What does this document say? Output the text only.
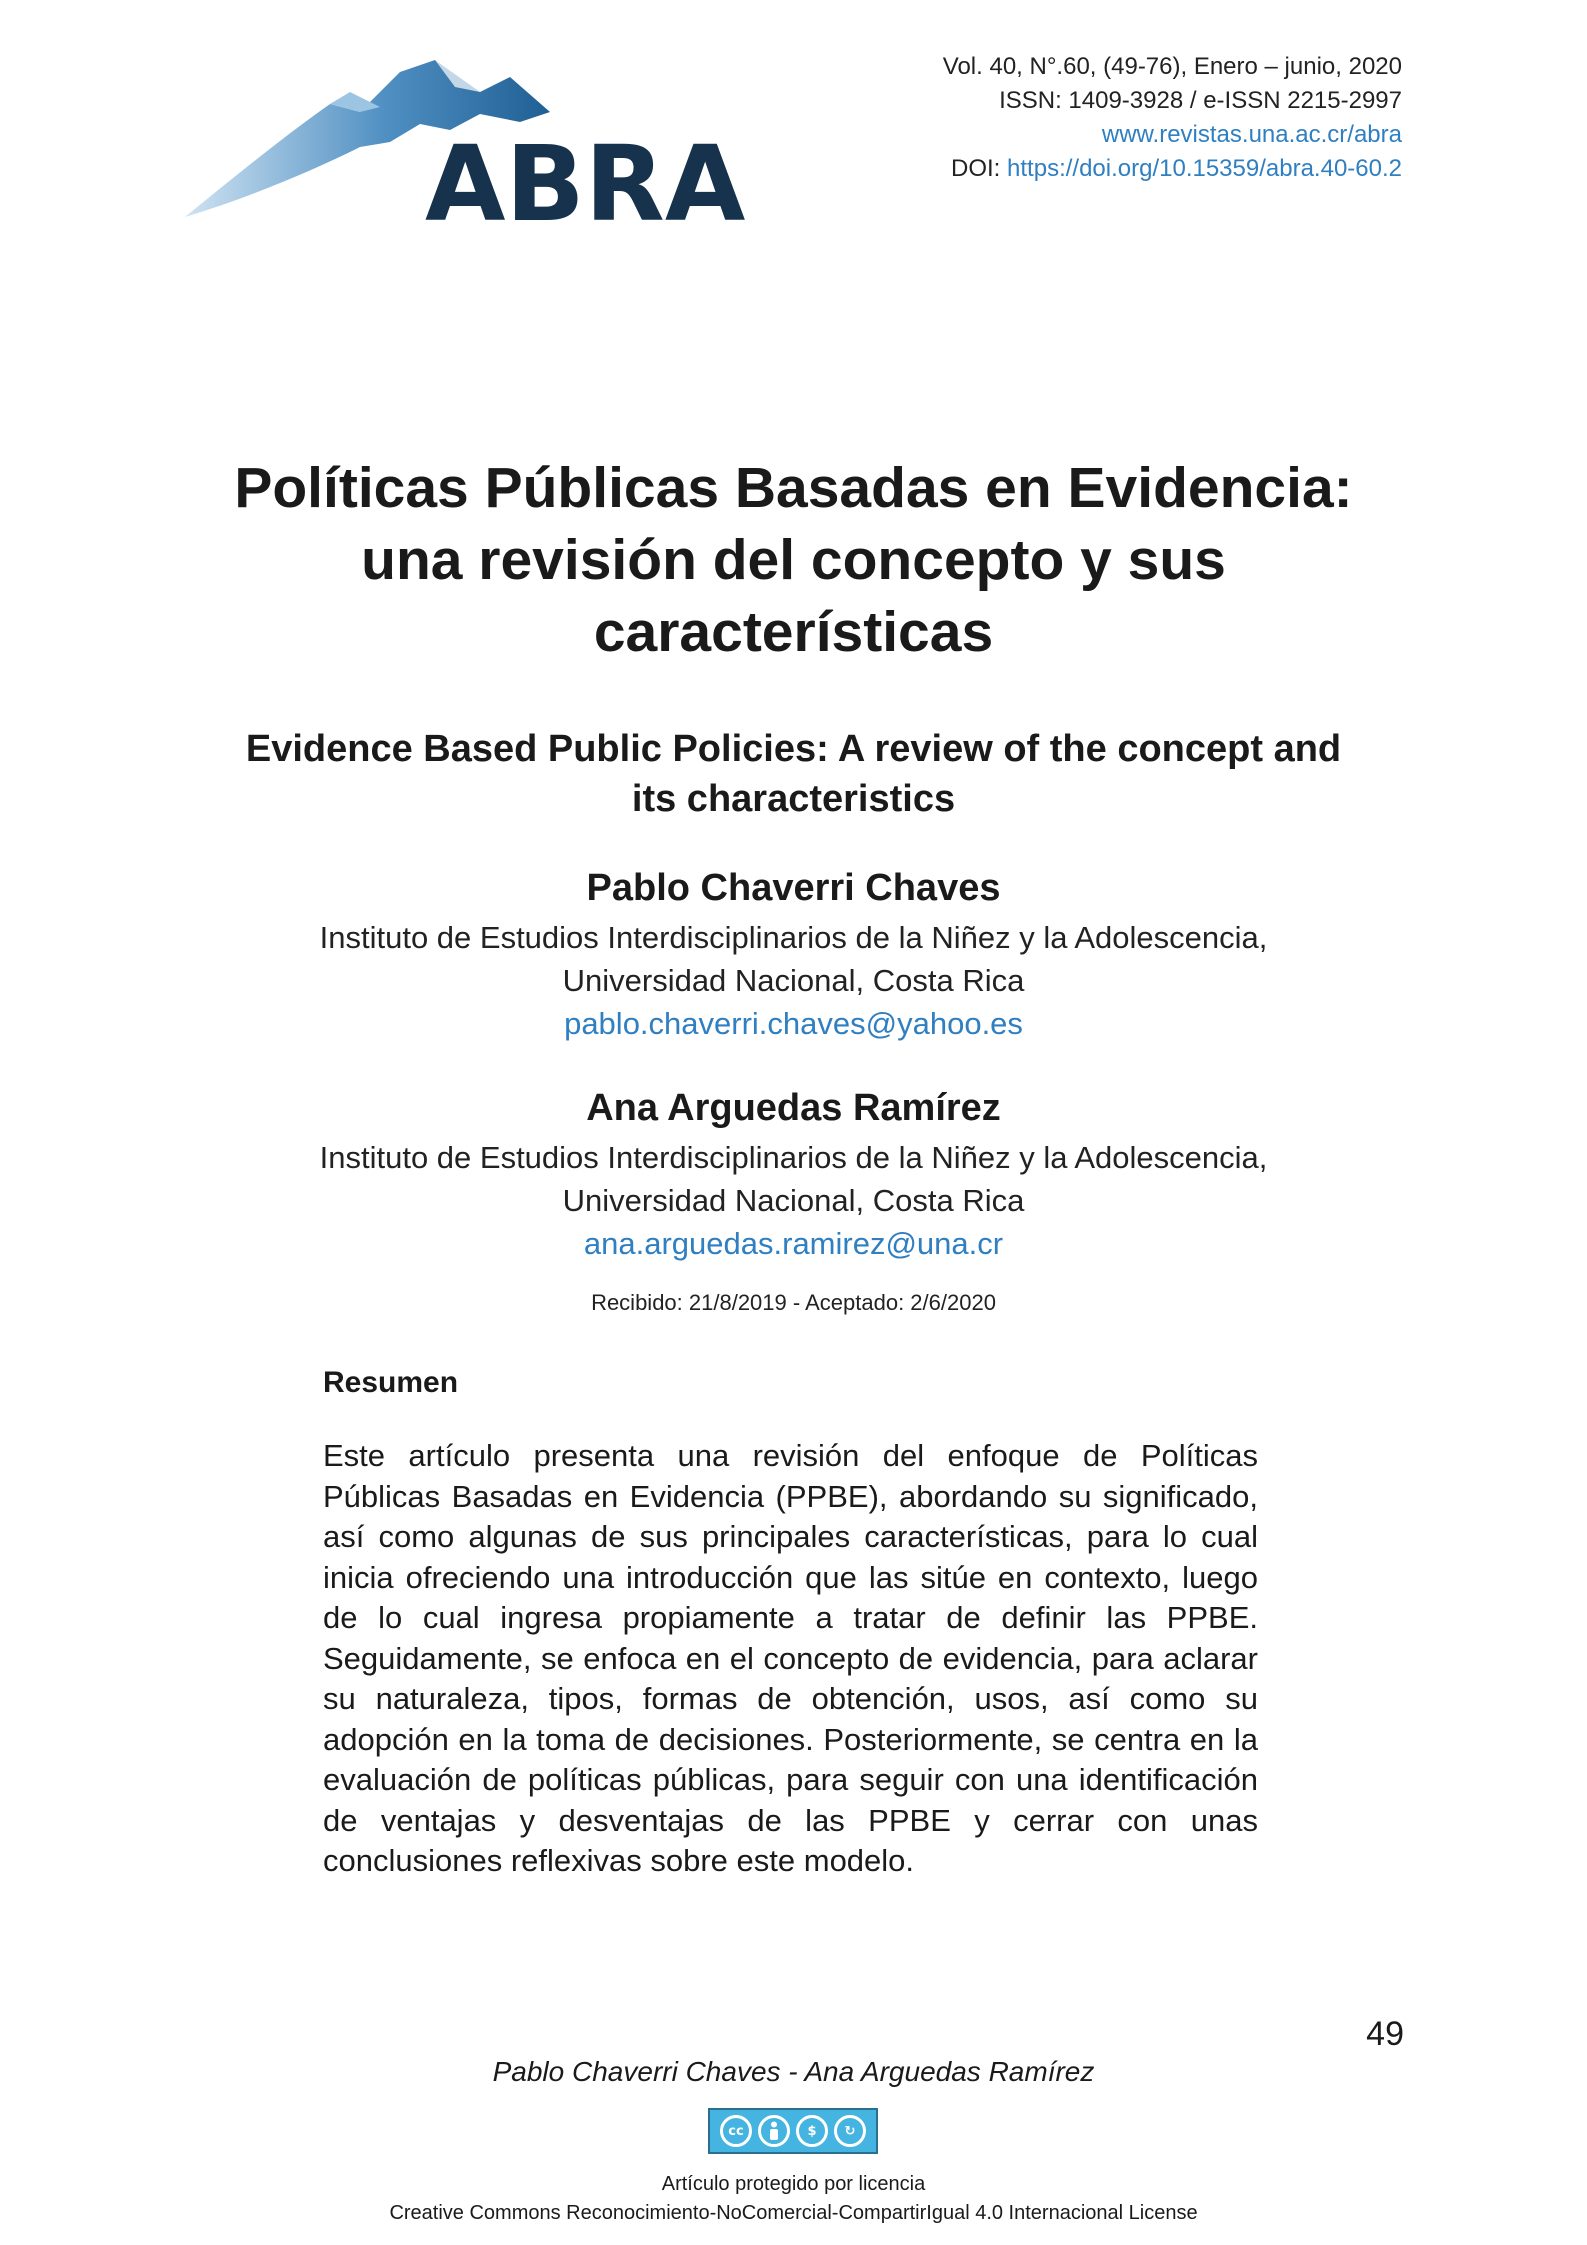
ABRA
Vol. 40, N°.60, (49-76), Enero – junio, 2020
ISSN: 1409-3928 / e-ISSN 2215-2997
www.revistas.una.ac.cr/abra
DOI: https://doi.org/10.15359/abra.40-60.2
Políticas Públicas Basadas en Evidencia:
una revisión del concepto y sus
características
Evidence Based Public Policies: A review of the concept and
its characteristics
Pablo Chaverri Chaves
Instituto de Estudios Interdisciplinarios de la Niñez y la Adolescencia,
Universidad Nacional, Costa Rica
pablo.chaverri.chaves@yahoo.es
Ana Arguedas Ramírez
Instituto de Estudios Interdisciplinarios de la Niñez y la Adolescencia,
Universidad Nacional, Costa Rica
ana.arguedas.ramirez@una.cr
Recibido: 21/8/2019 - Aceptado: 2/6/2020
Resumen
Este artículo presenta una revisión del enfoque de Políticas Públicas Basadas en Evidencia (PPBE), abordando su significado, así como algunas de sus principales características, para lo cual inicia ofreciendo una introducción que las sitúe en contexto, luego de lo cual ingresa propiamente a tratar de definir las PPBE. Seguidamente, se enfoca en el concepto de evidencia, para aclarar su naturaleza, tipos, formas de obtención, usos, así como su adopción en la toma de decisiones. Posteriormente, se centra en la evaluación de políticas públicas, para seguir con una identificación de ventajas y desventajas de las PPBE y cerrar con unas conclusiones reflexivas sobre este modelo.
49
Pablo Chaverri Chaves - Ana Arguedas Ramírez
cc	$	↻
Artículo protegido por licencia
Creative Commons Reconocimiento-NoComercial-CompartirIgual 4.0 Internacional License
